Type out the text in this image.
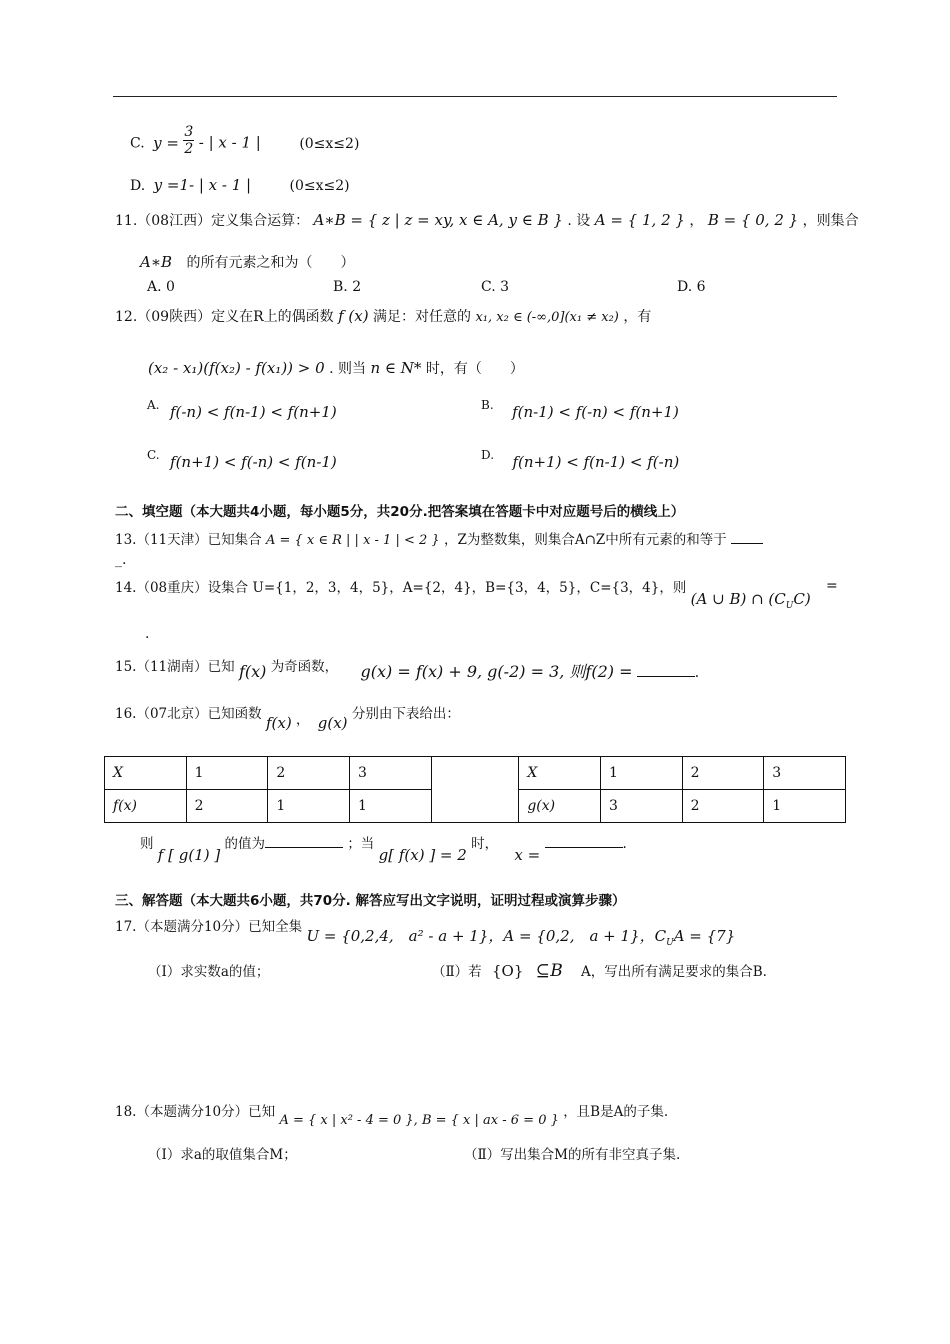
C. $y = \frac{3}{2}$ - | x - 1 |	(0≤x≤2)
D. y =1- | x - 1 |	(0≤x≤2)
11.（08江西）定义集合运算： A∗B = { z | z = xy, x ∈ A, y ∈ B } . 设 A = { 1, 2 } ， B = { 0, 2 } ，则集合
A∗B 的所有元素之和为（　　）
A. 0	B. 2	C. 3	D. 6
12.（09陕西）定义在R上的偶函数 f (x) 满足：对任意的 x₁, x₂ ∈ (-∞,0](x₁ ≠ x₂) ，有
(x₂ - x₁)(f(x₂) - f(x₁)) > 0 . 则当 n ∈ N* 时，有（　　）
A. f(-n) < f(n-1) < f(n+1)	B. f(n-1) < f(-n) < f(n+1)
C. f(n+1) < f(-n) < f(n-1)	D. f(n+1) < f(n-1) < f(-n)
二、填空题（本大题共4小题，每小题5分，共20分.把答案填在答题卡中对应题号后的横线上）
13.（11天津）已知集合 A = { x ∈ R | | x - 1 | < 2 } ，Z为整数集，则集合A∩Z中所有元素的和等于
_.
14.（08重庆）设集合 U={1，2，3，4，5}，A={2，4}，B={3，4，5}，C={3，4}，则 (A ∪ B) ∩ $(C_UC)$
=
.
15.（11湖南）已知 f(x) 为奇函数， g(x) = f(x) + 9, g(-2) = 3, 则f(2) =	.
16.（07北京）已知函数 f(x) ， g(x) 分别由下表给出：
X	1	2	3		X	1	2	3
f(x)	2	1	1		g(x)	3	2	1
则 f [ g(1) ] 的值为	；当 g[ f(x) ] = 2 时， x = .
三、解答题（本大题共6小题，共70分. 解答应写出文字说明，证明过程或演算步骤）
17.（本题满分10分）已知全集 U = {0,2,4,　a² - a + 1}，A = {0,2,　a + 1}，$C_UA = \{7\}$
（Ⅰ）求实数a的值；	（Ⅱ）若 {O} ⊆ B A，写出所有满足要求的集合B.
18.（本题满分10分）已知 A = { x | x² - 4 = 0 }, B = { x | ax - 6 = 0 } ，且B是A的子集.
（Ⅰ）求a的取值集合M；	（Ⅱ）写出集合M的所有非空真子集.
